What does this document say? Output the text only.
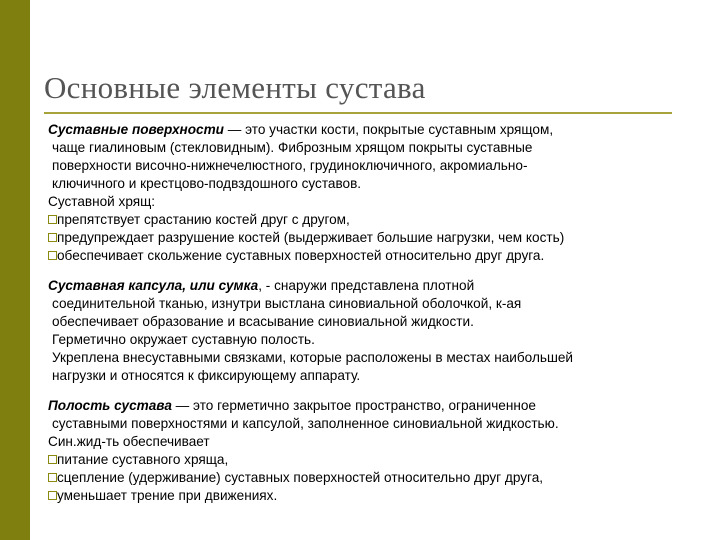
Основные элементы сустава
Суставные поверхности — это участки кости, покрытые суставным хрящом,
чаще гиалиновым (стекловидным). Фиброзным хрящом покрыты суставные
поверхности височно-нижнечелюстного, грудиноключичного, акромиально-
ключичного и крестцово-подвздошного суставов.
Суставной хрящ:
препятствует срастанию костей друг с другом,
предупреждает разрушение костей (выдерживает большие нагрузки, чем кость)
обеспечивает скольжение суставных поверхностей относительно друг друга.
Суставная капсула, или сумка, - снаружи представлена плотной
соединительной тканью, изнутри выстлана синовиальной оболочкой, к-ая
обеспечивает образование и всасывание синовиальной жидкости.
Герметично окружает суставную полость.
Укреплена внесуставными связками, которые расположены в местах наибольшей
нагрузки и относятся к фиксирующему аппарату.
Полость сустава — это герметично закрытое пространство, ограниченное
суставными поверхностями и капсулой, заполненное синовиальной жидкостью.
Син.жид-ть обеспечивает
питание суставного хряща,
сцепление (удерживание) суставных поверхностей относительно друг друга,
уменьшает трение при движениях.
